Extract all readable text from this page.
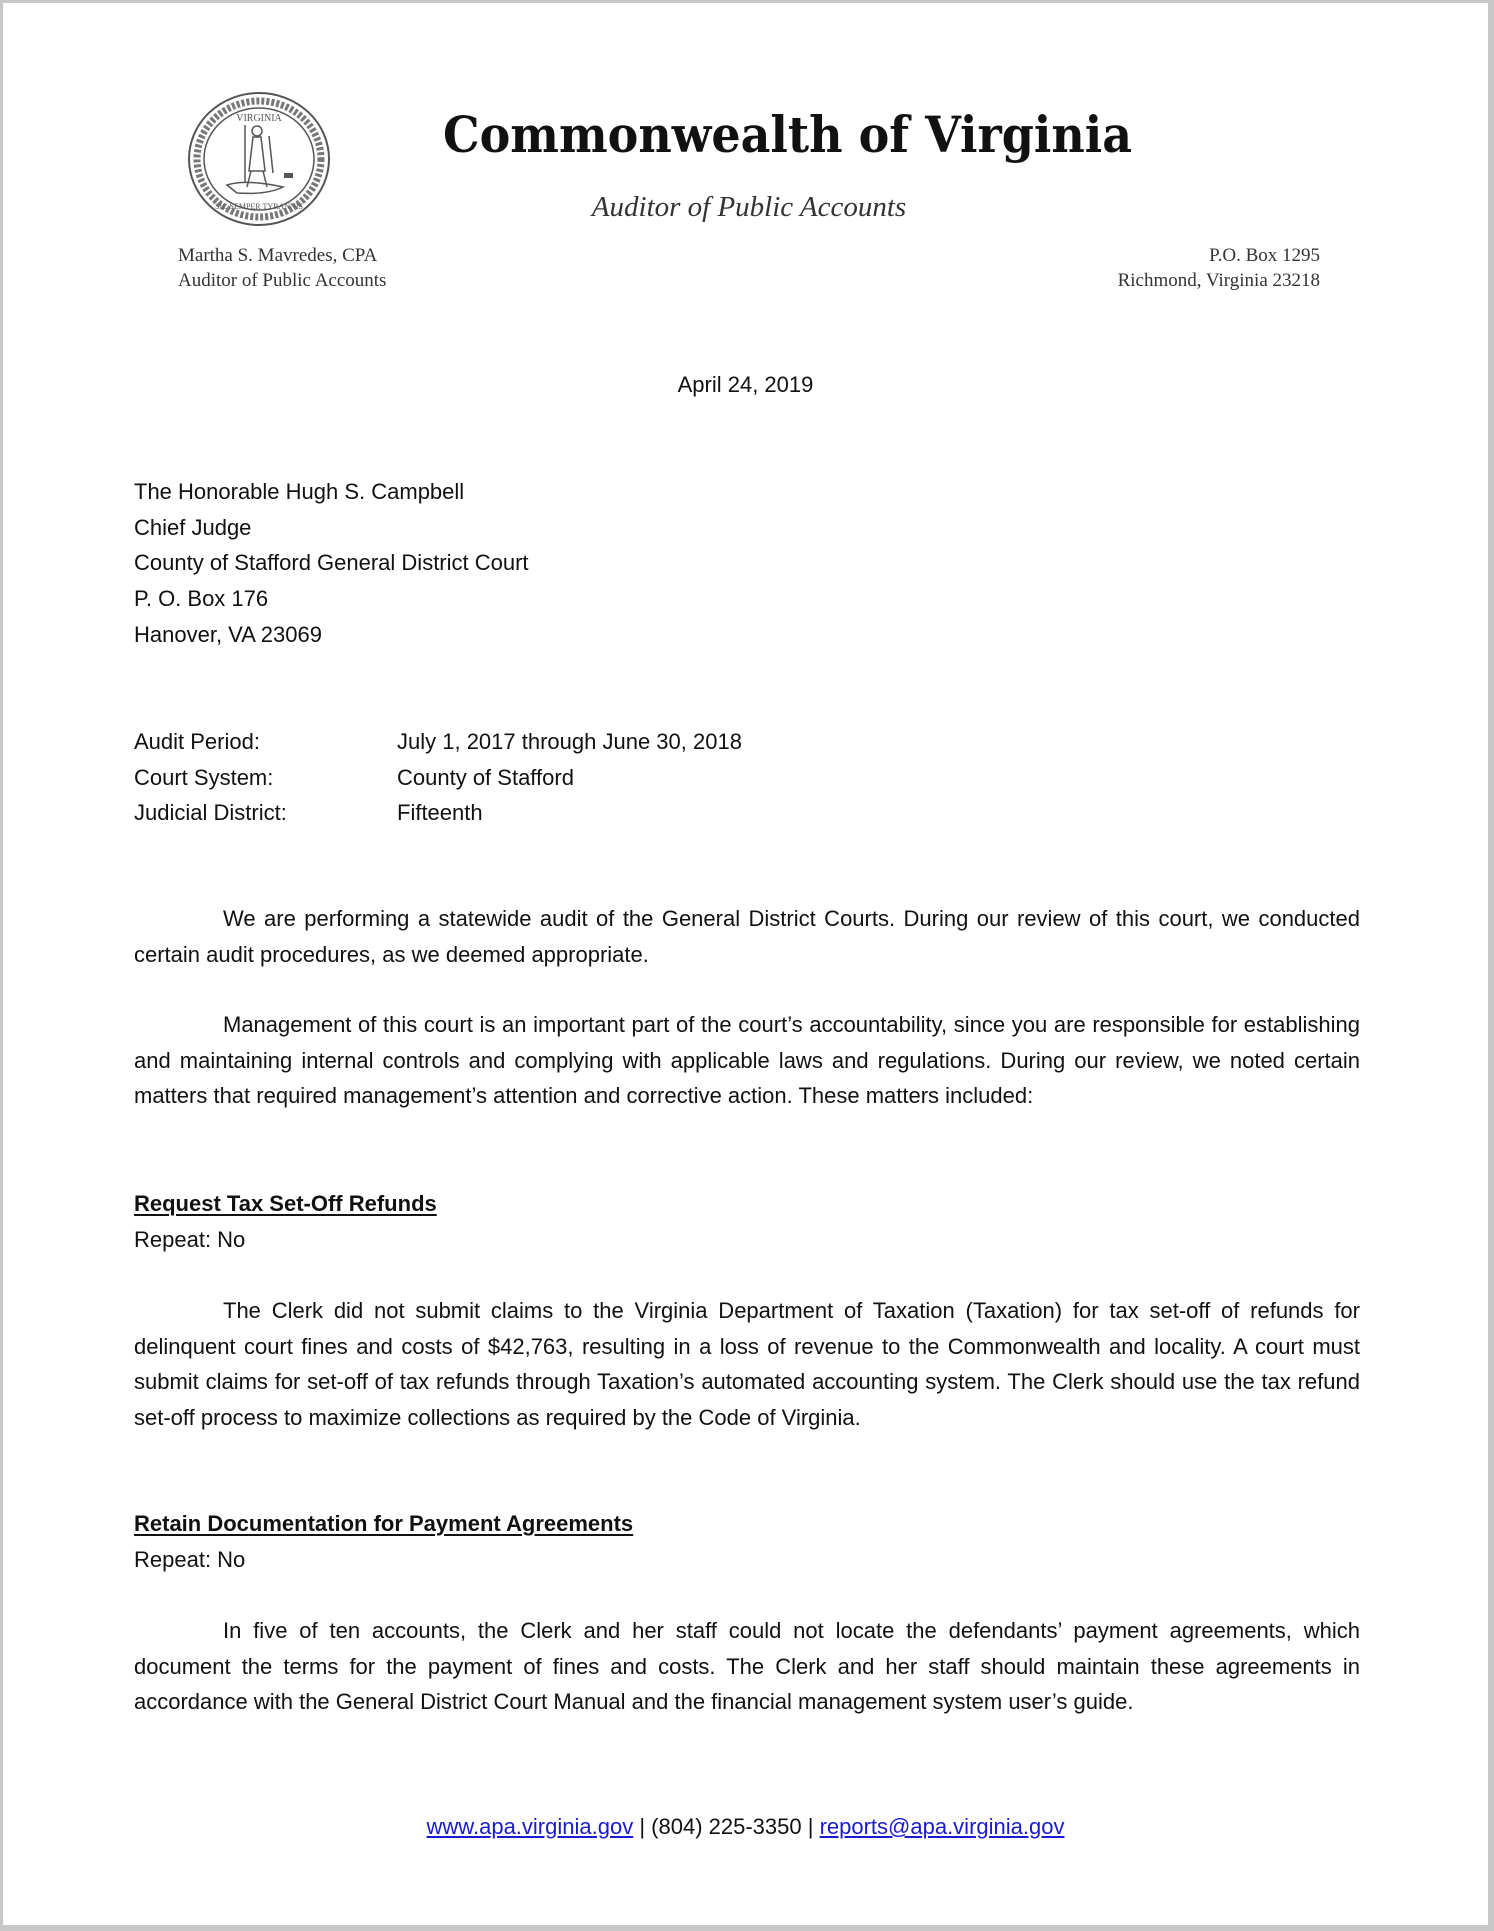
VIRGINIA
SIC SEMPER TYRANNIS
Commonwealth of Virginia
Auditor of Public Accounts
Martha S. Mavredes, CPA
Auditor of Public Accounts
P.O. Box 1295
Richmond, Virginia 23218
April 24, 2019
The Honorable Hugh S. Campbell
Chief Judge
County of Stafford General District Court
P. O. Box 176
Hanover, VA 23069
Audit Period:	July 1, 2017 through June 30, 2018
Court System:	County of Stafford
Judicial District:	Fifteenth
We are performing a statewide audit of the General District Courts. During our review of this court, we conducted certain audit procedures, as we deemed appropriate.
Management of this court is an important part of the court’s accountability, since you are responsible for establishing and maintaining internal controls and complying with applicable laws and regulations. During our review, we noted certain matters that required management’s attention and corrective action. These matters included:
Request Tax Set-Off Refunds
Repeat: No
The Clerk did not submit claims to the Virginia Department of Taxation (Taxation) for tax set-off of refunds for delinquent court fines and costs of $42,763, resulting in a loss of revenue to the Commonwealth and locality. A court must submit claims for set-off of tax refunds through Taxation’s automated accounting system. The Clerk should use the tax refund set-off process to maximize collections as required by the Code of Virginia.
Retain Documentation for Payment Agreements
Repeat: No
In five of ten accounts, the Clerk and her staff could not locate the defendants’ payment agreements, which document the terms for the payment of fines and costs. The Clerk and her staff should maintain these agreements in accordance with the General District Court Manual and the financial management system user’s guide.
www.apa.virginia.gov | (804) 225-3350 | reports@apa.virginia.gov
